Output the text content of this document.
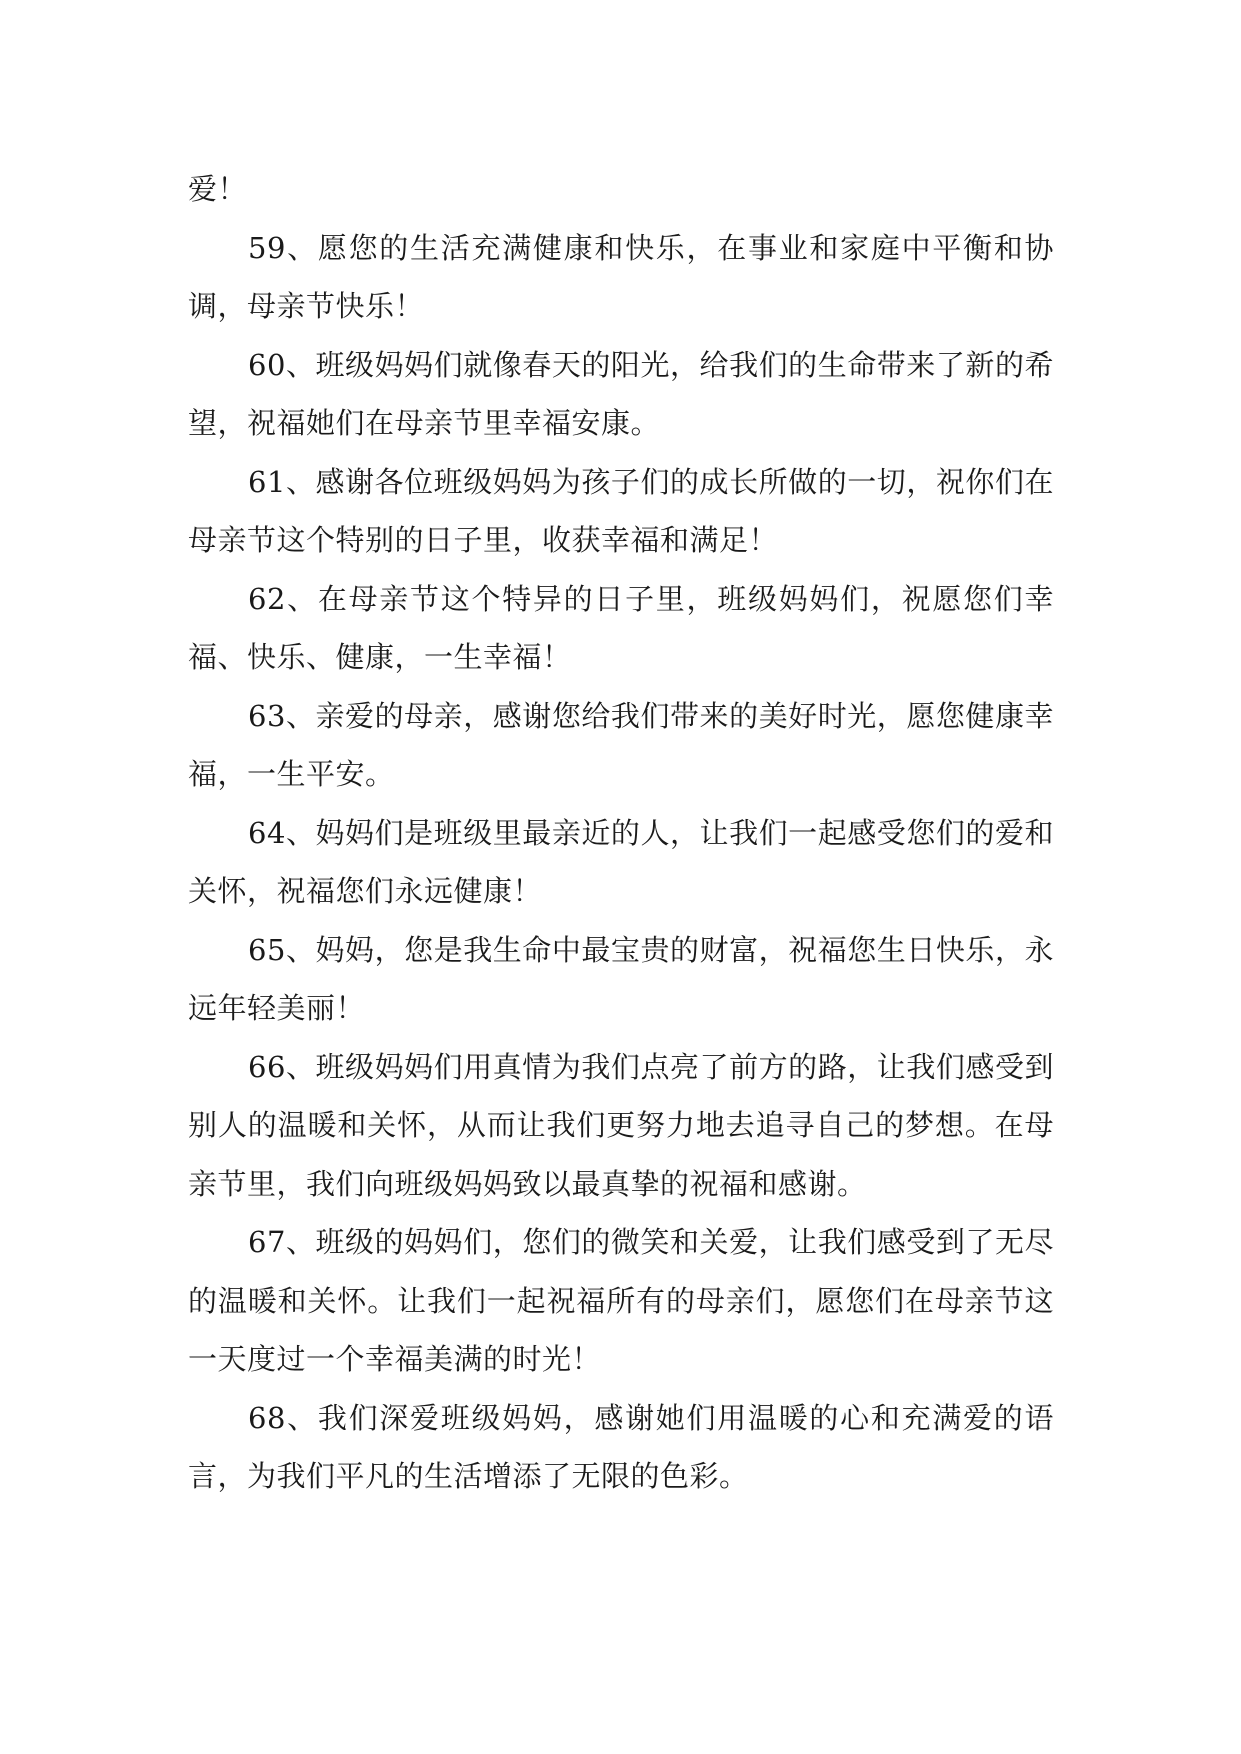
爱！

59、愿您的生活充满健康和快乐，在事业和家庭中平衡和协调，母亲节快乐！

60、班级妈妈们就像春天的阳光，给我们的生命带来了新的希望，祝福她们在母亲节里幸福安康。

61、感谢各位班级妈妈为孩子们的成长所做的一切，祝你们在母亲节这个特别的日子里，收获幸福和满足！

62、在母亲节这个特异的日子里，班级妈妈们，祝愿您们幸福、快乐、健康，一生幸福！

63、亲爱的母亲，感谢您给我们带来的美好时光，愿您健康幸福，一生平安。

64、妈妈们是班级里最亲近的人，让我们一起感受您们的爱和关怀，祝福您们永远健康！

65、妈妈，您是我生命中最宝贵的财富，祝福您生日快乐，永远年轻美丽！

66、班级妈妈们用真情为我们点亮了前方的路，让我们感受到别人的温暖和关怀，从而让我们更努力地去追寻自己的梦想。在母亲节里，我们向班级妈妈致以最真挚的祝福和感谢。

67、班级的妈妈们，您们的微笑和关爱，让我们感受到了无尽的温暖和关怀。让我们一起祝福所有的母亲们，愿您们在母亲节这一天度过一个幸福美满的时光！

68、我们深爱班级妈妈，感谢她们用温暖的心和充满爱的语言，为我们平凡的生活增添了无限的色彩。
